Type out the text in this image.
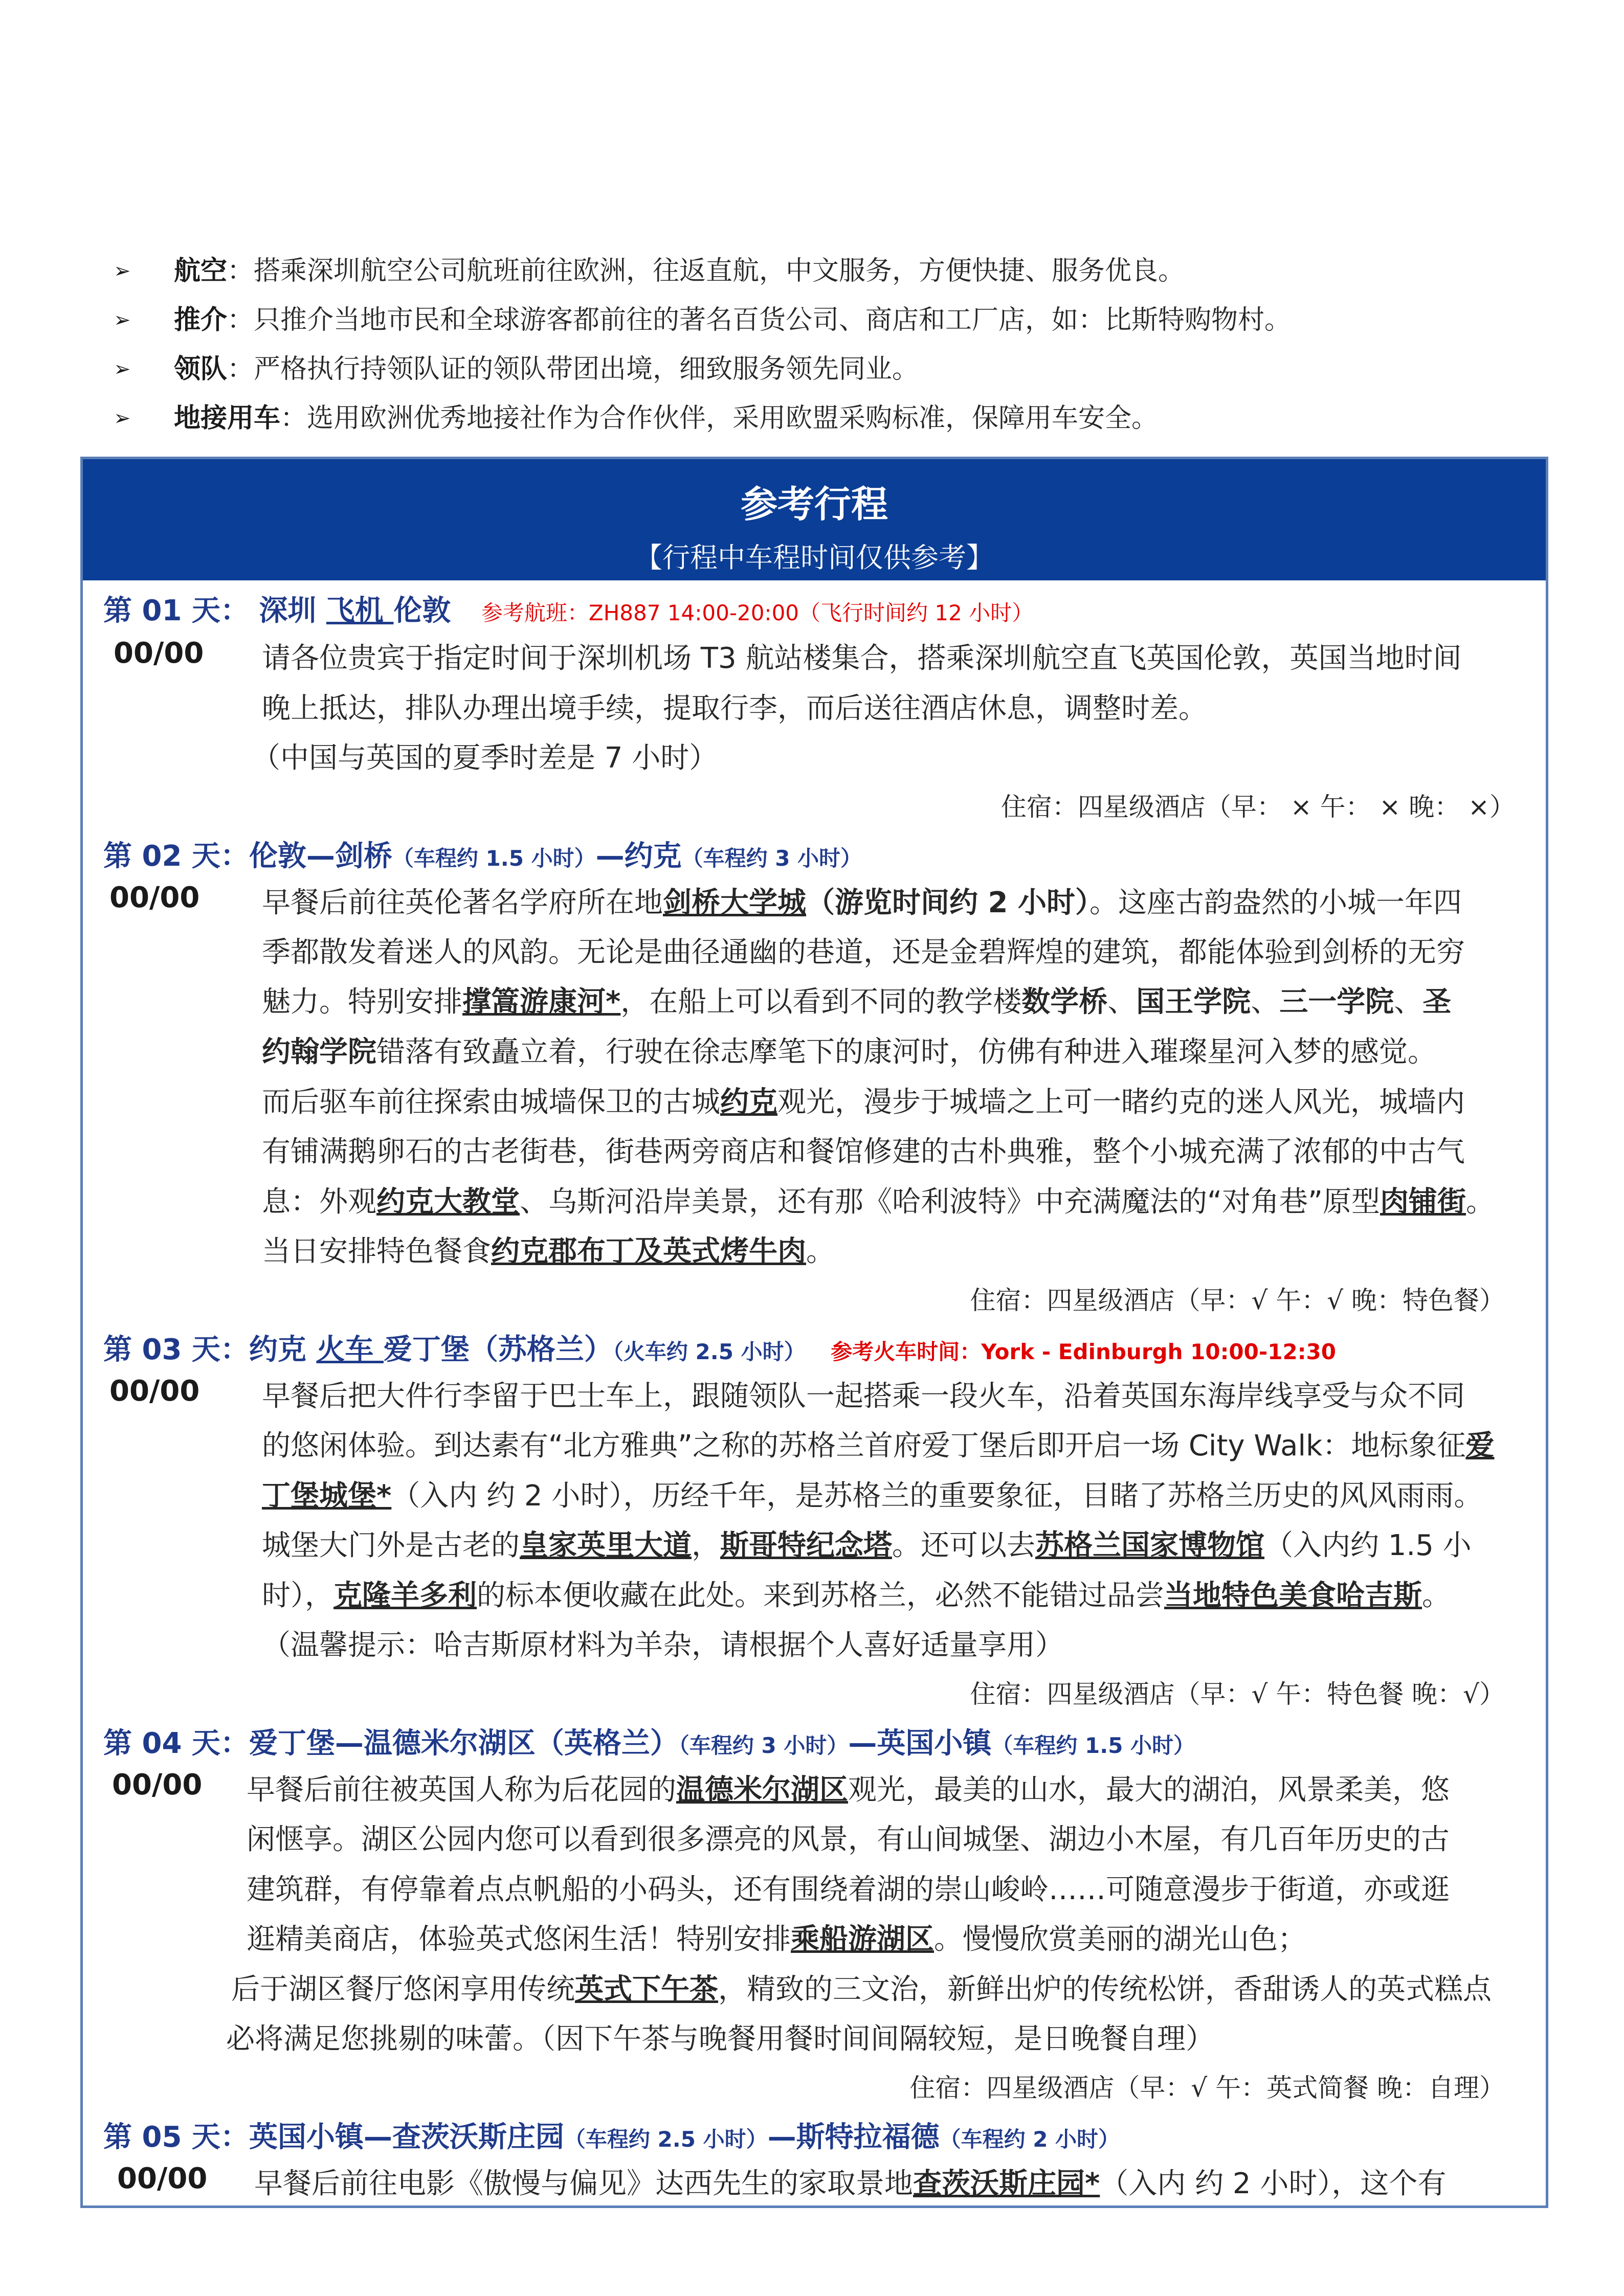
➢ 航空：搭乘深圳航空公司航班前往欧洲，往返直航，中文服务，方便快捷、服务优良。
➢ 推介：只推介当地市民和全球游客都前往的著名百货公司、商店和工厂店，如：比斯特购物村。
➢ 领队：严格执行持领队证的领队带团出境，细致服务领先同业。
➢ 地接用车：选用欧洲优秀地接社作为合作伙伴，采用欧盟采购标准，保障用车安全。
参考行程
【行程中车程时间仅供参考】
第 01 天： 深圳 飞机 伦敦 参考航班：ZH887 14:00-20:00（飞行时间约 12 小时）
00/00 请各位贵宾于指定时间于深圳机场 T3 航站楼集合，搭乘深圳航空直飞英国伦敦，英国当地时间
晚上抵达，排队办理出境手续，提取行李，而后送往酒店休息，调整时差。
（中国与英国的夏季时差是 7 小时）
住宿：四星级酒店（早： × 午： × 晚： ×）
第 02 天：伦敦—剑桥（车程约 1.5 小时）—约克（车程约 3 小时）
00/00 早餐后前往英伦著名学府所在地剑桥大学城（游览时间约 2 小时）。这座古韵盎然的小城一年四
季都散发着迷人的风韵。无论是曲径通幽的巷道，还是金碧辉煌的建筑，都能体验到剑桥的无穷
魅力。特别安排撑篙游康河*，在船上可以看到不同的教学楼数学桥、国王学院、三一学院、圣
约翰学院错落有致矗立着，行驶在徐志摩笔下的康河时，仿佛有种进入璀璨星河入梦的感觉。
而后驱车前往探索由城墙保卫的古城约克观光，漫步于城墙之上可一睹约克的迷人风光，城墙内
有铺满鹅卵石的古老街巷，街巷两旁商店和餐馆修建的古朴典雅，整个小城充满了浓郁的中古气
息：外观约克大教堂、乌斯河沿岸美景，还有那《哈利波特》中充满魔法的“对角巷”原型肉铺街。
当日安排特色餐食约克郡布丁及英式烤牛肉。
住宿：四星级酒店（早：√ 午：√ 晚：特色餐）
第 03 天：约克 火车 爱丁堡（苏格兰）（火车约 2.5 小时） 参考火车时间：York - Edinburgh 10:00-12:30
00/00 早餐后把大件行李留于巴士车上，跟随领队一起搭乘一段火车，沿着英国东海岸线享受与众不同
的悠闲体验。到达素有“北方雅典”之称的苏格兰首府爱丁堡后即开启一场 City Walk：地标象征爱
丁堡城堡*（入内 约 2 小时），历经千年，是苏格兰的重要象征，目睹了苏格兰历史的风风雨雨。
城堡大门外是古老的皇家英里大道，斯哥特纪念塔。还可以去苏格兰国家博物馆（入内约 1.5 小
时），克隆羊多利的标本便收藏在此处。来到苏格兰，必然不能错过品尝当地特色美食哈吉斯。
（温馨提示：哈吉斯原材料为羊杂，请根据个人喜好适量享用）
住宿：四星级酒店（早：√ 午：特色餐 晚：√）
第 04 天：爱丁堡—温德米尔湖区（英格兰）（车程约 3 小时）—英国小镇（车程约 1.5 小时）
00/00 早餐后前往被英国人称为后花园的温德米尔湖区观光，最美的山水，最大的湖泊，风景柔美，悠
闲惬享。湖区公园内您可以看到很多漂亮的风景，有山间城堡、湖边小木屋，有几百年历史的古
建筑群，有停靠着点点帆船的小码头，还有围绕着湖的崇山峻岭……可随意漫步于街道，亦或逛
逛精美商店，体验英式悠闲生活！特别安排乘船游湖区。慢慢欣赏美丽的湖光山色；
后于湖区餐厅悠闲享用传统英式下午茶，精致的三文治，新鲜出炉的传统松饼，香甜诱人的英式糕点
必将满足您挑剔的味蕾。（因下午茶与晚餐用餐时间间隔较短，是日晚餐自理）
住宿：四星级酒店（早：√ 午：英式简餐 晚：自理）
第 05 天：英国小镇—查茨沃斯庄园（车程约 2.5 小时）—斯特拉福德（车程约 2 小时）
00/00 早餐后前往电影《傲慢与偏见》达西先生的家取景地查茨沃斯庄园*（入内 约 2 小时），这个有
